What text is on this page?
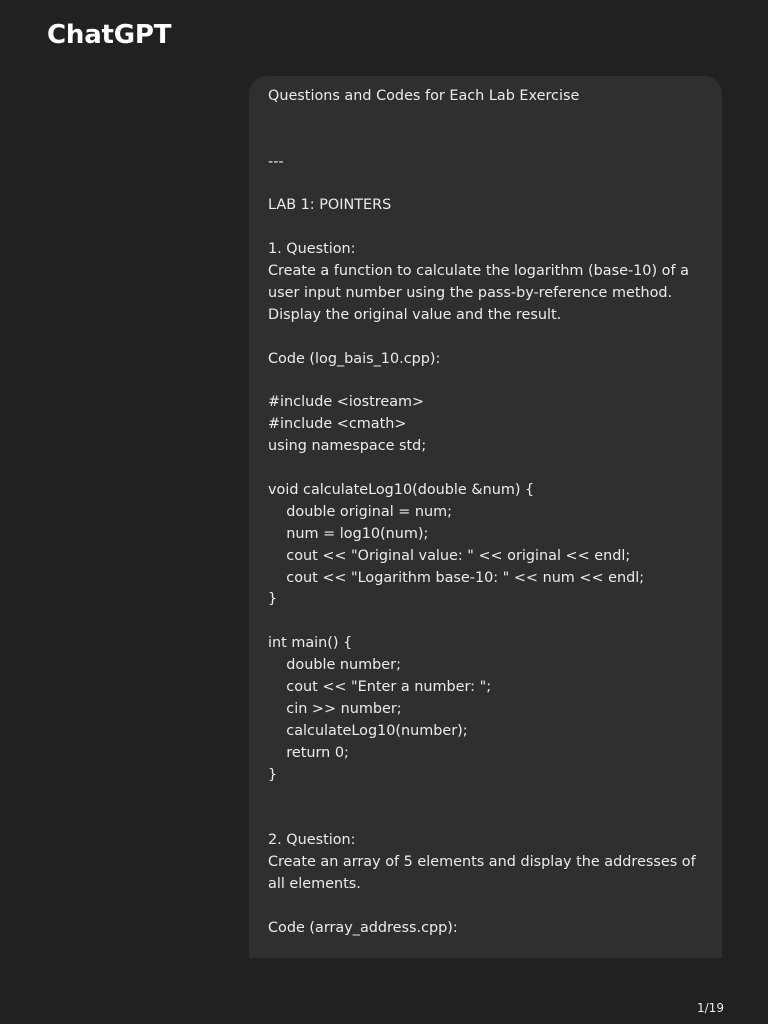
ChatGPT
Questions and Codes for Each Lab Exercise
---
LAB 1: POINTERS
1. Question:
Create a function to calculate the logarithm (base-10) of a
user input number using the pass-by-reference method.
Display the original value and the result.
Code (log_bais_10.cpp):
#include <iostream>
#include <cmath>
using namespace std;
void calculateLog10(double &num) {
double original = num;
num = log10(num);
cout << "Original value: " << original << endl;
cout << "Logarithm base-10: " << num << endl;
}
int main() {
double number;
cout << "Enter a number: ";
cin >> number;
calculateLog10(number);
return 0;
}
2. Question:
Create an array of 5 elements and display the addresses of
all elements.
Code (array_address.cpp):
1/19
